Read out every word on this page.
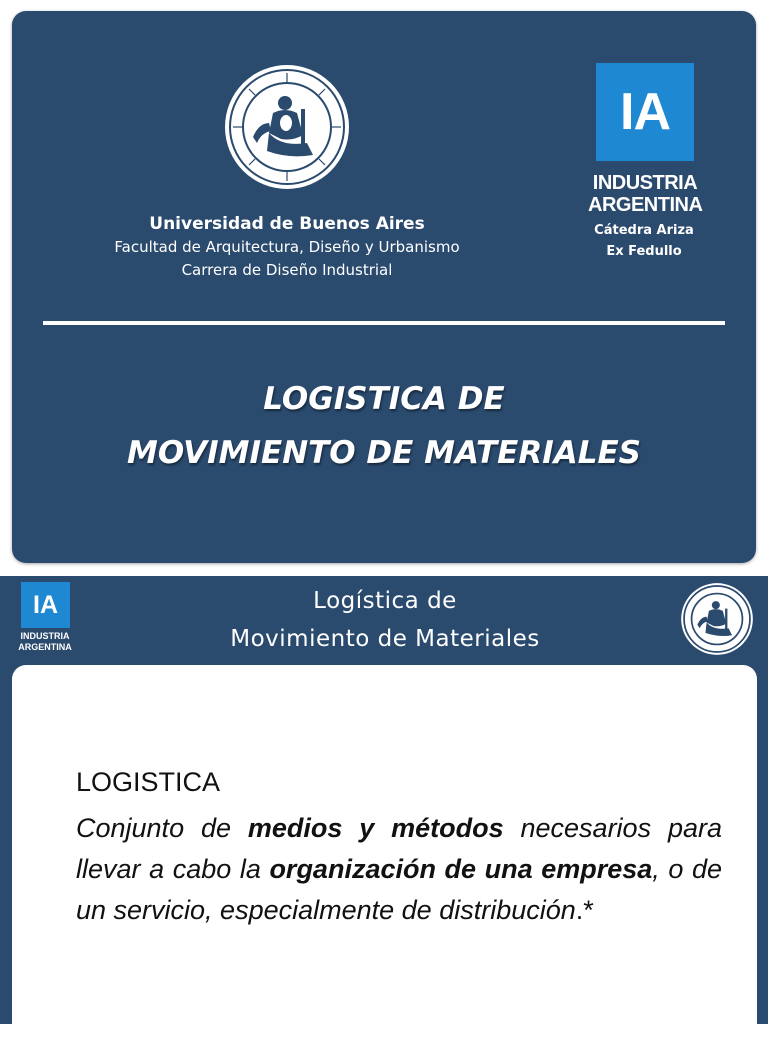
Universidad de Buenos Aires
Facultad de Arquitectura, Diseño y Urbanismo
Carrera de Diseño Industrial
IA
INDUSTRIA
ARGENTINA
Cátedra Ariza
Ex Fedullo
LOGISTICA DE
MOVIMIENTO DE MATERIALES
IA
INDUSTRIA
ARGENTINA
Logística de
Movimiento de Materiales
LOGISTICA
Conjunto de medios y métodos necesarios para llevar a cabo la organización de una empresa, o de un servicio, especialmente de distribución.*
